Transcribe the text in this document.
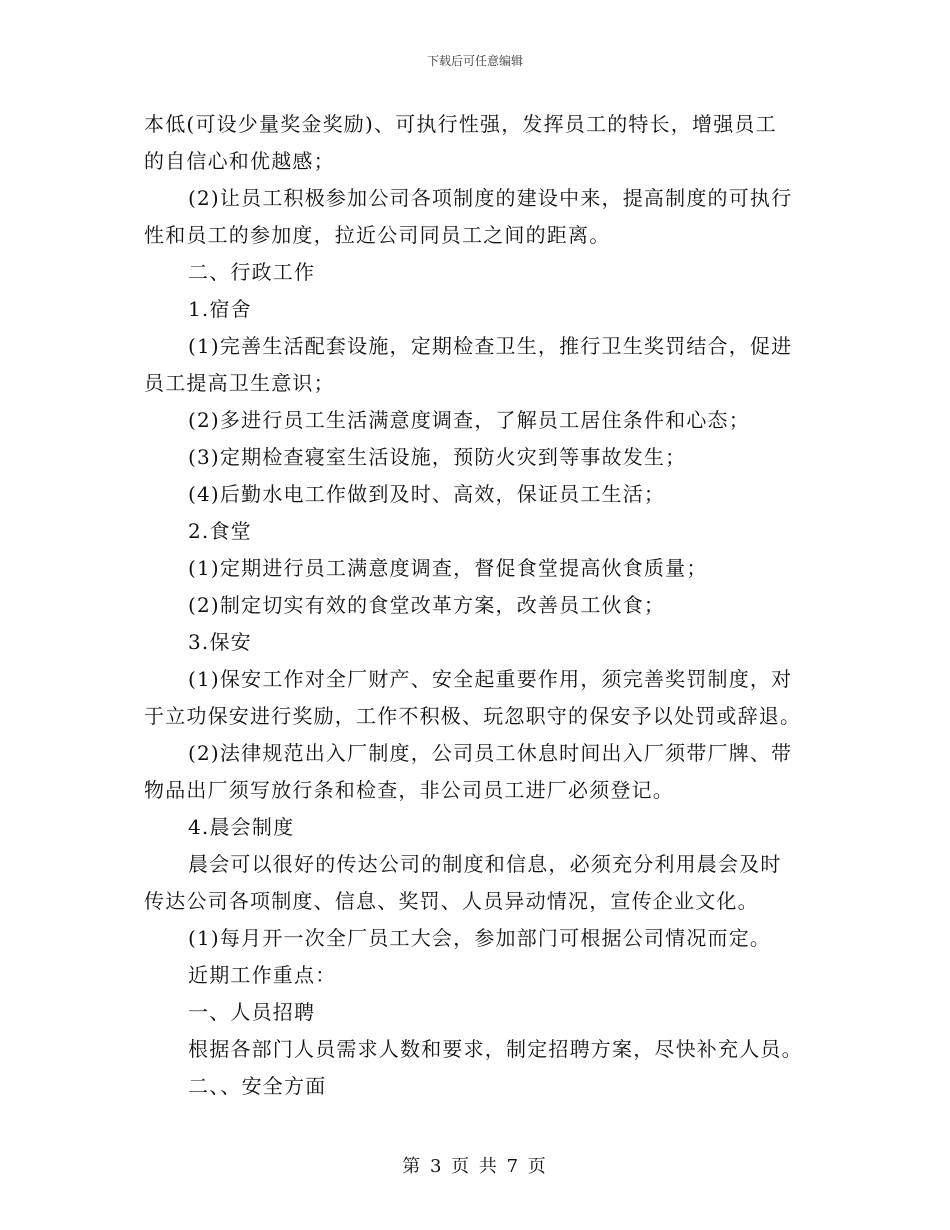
下载后可任意编辑
本低(可设少量奖金奖励)、可执行性强，发挥员工的特长，增强员工
的自信心和优越感；
(2)让员工积极参加公司各项制度的建设中来，提高制度的可执行
性和员工的参加度，拉近公司同员工之间的距离。
二、行政工作
1.宿舍
(1)完善生活配套设施，定期检查卫生，推行卫生奖罚结合，促进
员工提高卫生意识；
(2)多进行员工生活满意度调查，了解员工居住条件和心态；
(3)定期检查寝室生活设施，预防火灾到等事故发生；
(4)后勤水电工作做到及时、高效，保证员工生活；
2.食堂
(1)定期进行员工满意度调查，督促食堂提高伙食质量；
(2)制定切实有效的食堂改革方案，改善员工伙食；
3.保安
(1)保安工作对全厂财产、安全起重要作用，须完善奖罚制度，对
于立功保安进行奖励，工作不积极、玩忽职守的保安予以处罚或辞退。
(2)法律规范出入厂制度，公司员工休息时间出入厂须带厂牌、带
物品出厂须写放行条和检查，非公司员工进厂必须登记。
4.晨会制度
晨会可以很好的传达公司的制度和信息，必须充分利用晨会及时
传达公司各项制度、信息、奖罚、人员异动情况，宣传企业文化。
(1)每月开一次全厂员工大会，参加部门可根据公司情况而定。
近期工作重点：
一、人员招聘
根据各部门人员需求人数和要求，制定招聘方案，尽快补充人员。
二、、安全方面
第 3 页 共 7 页
